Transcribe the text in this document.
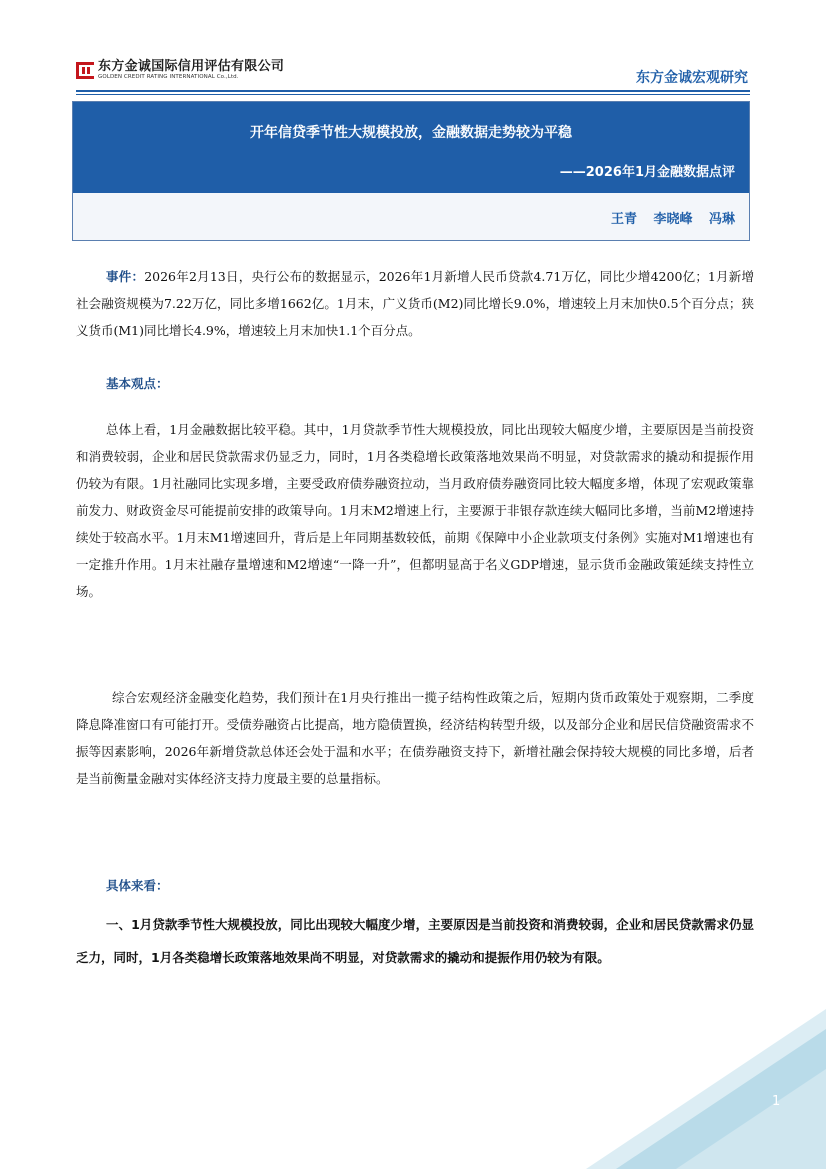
东方金诚国际信用评估有限公司
GOLDEN CREDIT RATING INTERNATIONAL Co.,Ltd.	东方金诚宏观研究
开年信贷季节性大规模投放，金融数据走势较为平稳
——2026年1月金融数据点评
王青 李晓峰 冯琳

事件：2026年2月13日，央行公布的数据显示，2026年1月新增人民币贷款4.71万亿，同比少增4200亿；1月新增社会融资规模为7.22万亿，同比多增1662亿。1月末，广义货币(M2)同比增长9.0%，增速较上月末加快0.5个百分点；狭义货币(M1)同比增长4.9%，增速较上月末加快1.1个百分点。

基本观点：

总体上看，1月金融数据比较平稳。其中，1月贷款季节性大规模投放，同比出现较大幅度少增，主要原因是当前投资和消费较弱，企业和居民贷款需求仍显乏力，同时，1月各类稳增长政策落地效果尚不明显，对贷款需求的撬动和提振作用仍较为有限。1月社融同比实现多增，主要受政府债券融资拉动，当月政府债券融资同比较大幅度多增，体现了宏观政策靠前发力、财政资金尽可能提前安排的政策导向。1月末M2增速上行，主要源于非银存款连续大幅同比多增，当前M2增速持续处于较高水平。1月末M1增速回升，背后是上年同期基数较低，前期《保障中小企业款项支付条例》实施对M1增速也有一定推升作用。1月末社融存量增速和M2增速“一降一升”，但都明显高于名义GDP增速，显示货币金融政策延续支持性立场。

综合宏观经济金融变化趋势，我们预计在1月央行推出一揽子结构性政策之后，短期内货币政策处于观察期，二季度降息降准窗口有可能打开。受债券融资占比提高，地方隐债置换，经济结构转型升级，以及部分企业和居民信贷融资需求不振等因素影响，2026年新增贷款总体还会处于温和水平；在债券融资支持下，新增社融会保持较大规模的同比多增，后者是当前衡量金融对实体经济支持力度最主要的总量指标。

具体来看：

一、1月贷款季节性大规模投放，同比出现较大幅度少增，主要原因是当前投资和消费较弱，企业和居民贷款需求仍显乏力，同时，1月各类稳增长政策落地效果尚不明显，对贷款需求的撬动和提振作用仍较为有限。

1
